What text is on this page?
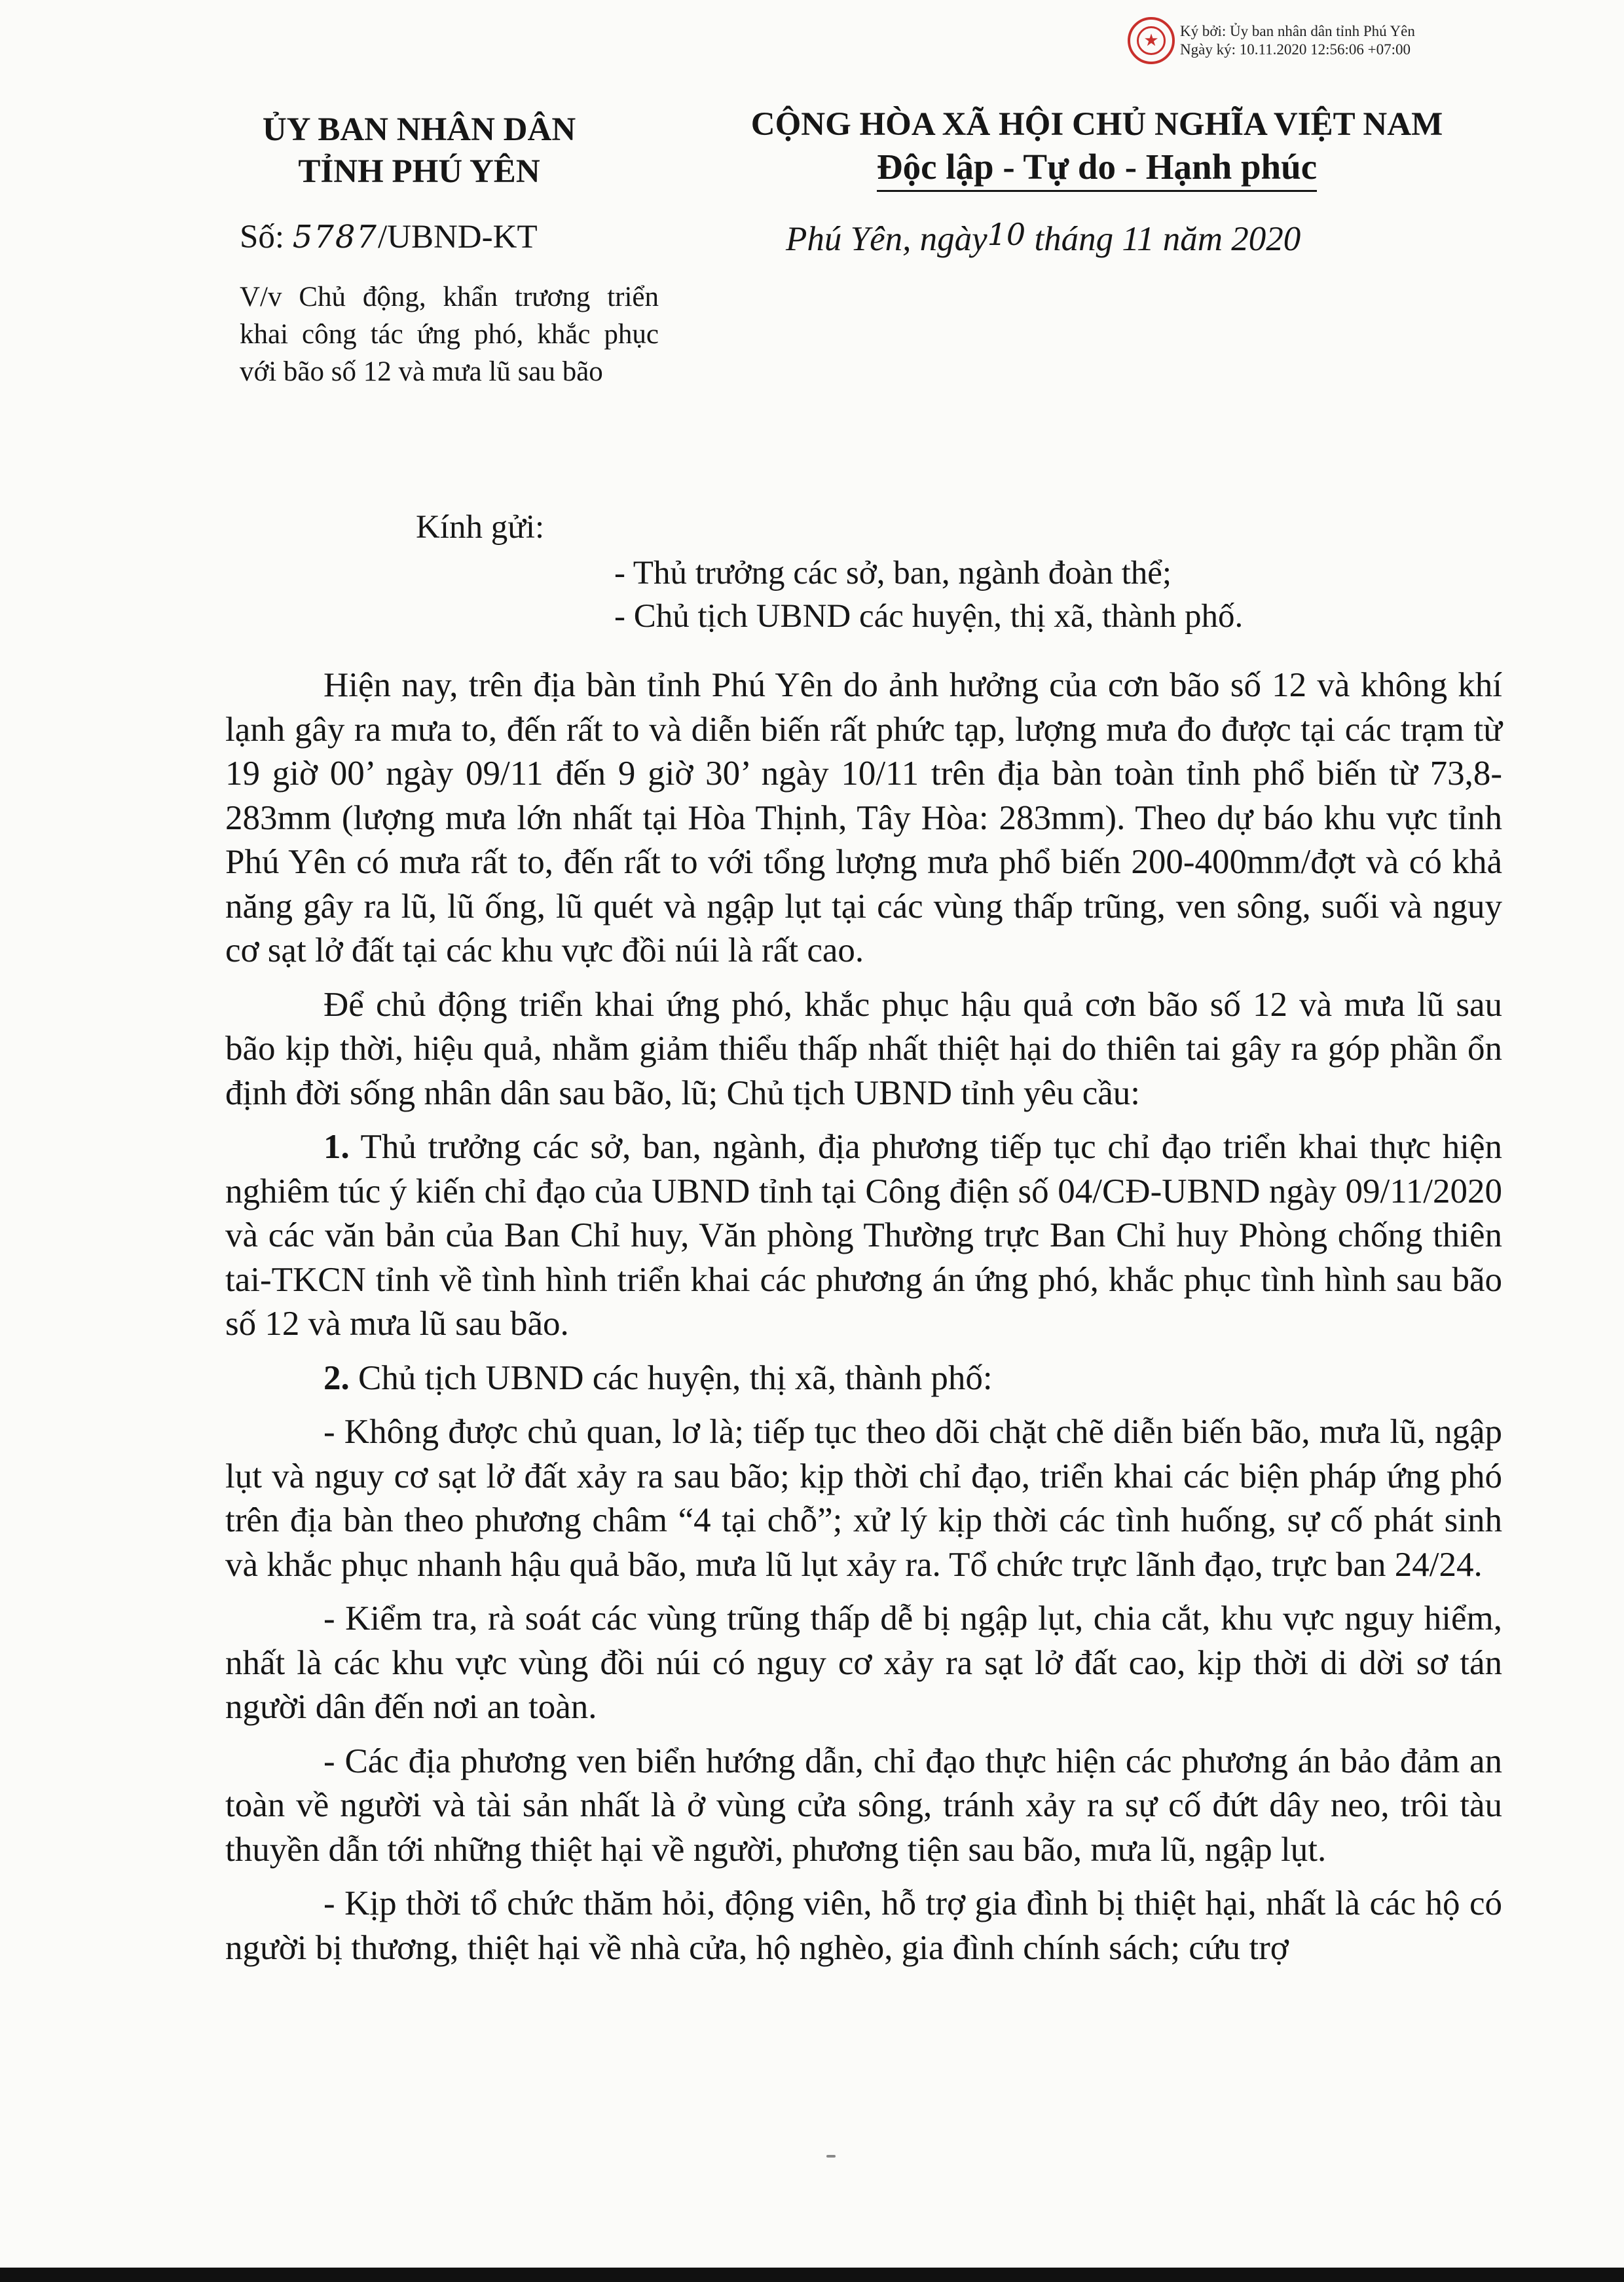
★	Ký bởi: Ủy ban nhân dân tỉnh Phú Yên
Ngày ký: 10.11.2020 12:56:06 +07:00
ỦY BAN NHÂN DÂN
TỈNH PHÚ YÊN
CỘNG HÒA XÃ HỘI CHỦ NGHĨA VIỆT NAM
Độc lập - Tự do - Hạnh phúc
Số: 5787/UBND-KT	Phú Yên, ngày10 tháng 11 năm 2020
V/v Chủ động, khẩn trương triển khai công tác ứng phó, khắc phục với bão số 12 và mưa lũ sau bão
Kính gửi:
- Thủ trưởng các sở, ban, ngành đoàn thể;
- Chủ tịch UBND các huyện, thị xã, thành phố.

Hiện nay, trên địa bàn tỉnh Phú Yên do ảnh hưởng của cơn bão số 12 và không khí lạnh gây ra mưa to, đến rất to và diễn biến rất phức tạp, lượng mưa đo được tại các trạm từ 19 giờ 00’ ngày 09/11 đến 9 giờ 30’ ngày 10/11 trên địa bàn toàn tỉnh phổ biến từ 73,8-283mm (lượng mưa lớn nhất tại Hòa Thịnh, Tây Hòa: 283mm). Theo dự báo khu vực tỉnh Phú Yên có mưa rất to, đến rất to với tổng lượng mưa phổ biến 200-400mm/đợt và có khả năng gây ra lũ, lũ ống, lũ quét và ngập lụt tại các vùng thấp trũng, ven sông, suối và nguy cơ sạt lở đất tại các khu vực đồi núi là rất cao.

Để chủ động triển khai ứng phó, khắc phục hậu quả cơn bão số 12 và mưa lũ sau bão kịp thời, hiệu quả, nhằm giảm thiểu thấp nhất thiệt hại do thiên tai gây ra góp phần ổn định đời sống nhân dân sau bão, lũ; Chủ tịch UBND tỉnh yêu cầu:

1. Thủ trưởng các sở, ban, ngành, địa phương tiếp tục chỉ đạo triển khai thực hiện nghiêm túc ý kiến chỉ đạo của UBND tỉnh tại Công điện số 04/CĐ-UBND ngày 09/11/2020 và các văn bản của Ban Chỉ huy, Văn phòng Thường trực Ban Chỉ huy Phòng chống thiên tai-TKCN tỉnh về tình hình triển khai các phương án ứng phó, khắc phục tình hình sau bão số 12 và mưa lũ sau bão.

2. Chủ tịch UBND các huyện, thị xã, thành phố:

- Không được chủ quan, lơ là; tiếp tục theo dõi chặt chẽ diễn biến bão, mưa lũ, ngập lụt và nguy cơ sạt lở đất xảy ra sau bão; kịp thời chỉ đạo, triển khai các biện pháp ứng phó trên địa bàn theo phương châm “4 tại chỗ”; xử lý kịp thời các tình huống, sự cố phát sinh và khắc phục nhanh hậu quả bão, mưa lũ lụt xảy ra. Tổ chức trực lãnh đạo, trực ban 24/24.

- Kiểm tra, rà soát các vùng trũng thấp dễ bị ngập lụt, chia cắt, khu vực nguy hiểm, nhất là các khu vực vùng đồi núi có nguy cơ xảy ra sạt lở đất cao, kịp thời di dời sơ tán người dân đến nơi an toàn.

- Các địa phương ven biển hướng dẫn, chỉ đạo thực hiện các phương án bảo đảm an toàn về người và tài sản nhất là ở vùng cửa sông, tránh xảy ra sự cố đứt dây neo, trôi tàu thuyền dẫn tới những thiệt hại về người, phương tiện sau bão, mưa lũ, ngập lụt.

- Kịp thời tổ chức thăm hỏi, động viên, hỗ trợ gia đình bị thiệt hại, nhất là các hộ có người bị thương, thiệt hại về nhà cửa, hộ nghèo, gia đình chính sách; cứu trợ
